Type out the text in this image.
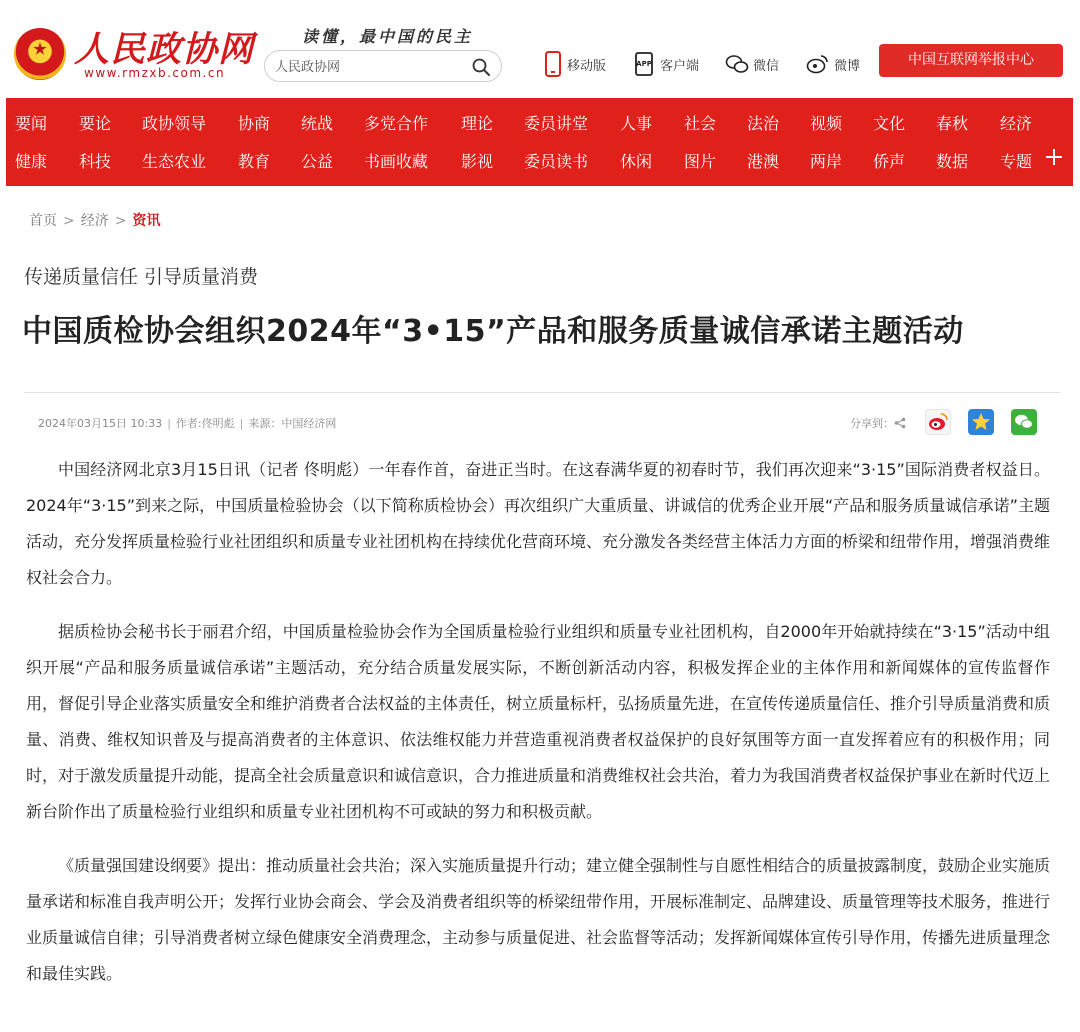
人民政协网
www.rmzxb.com.cn
读懂，最中国的民主
人民政协网
移动版	APP 客户端	微信	微博	中国互联网举报中心
要闻 要论 政协领导 协商 统战 多党合作 理论 委员讲堂 人事 社会 法治 视频 文化 春秋 经济
健康 科技 生态农业 教育 公益 书画收藏 影视 委员读书 休闲 图片 港澳 两岸 侨声 数据 专题
首页 > 经济 > 资讯
传递质量信任 引导质量消费
中国质检协会组织2024年“3•15”产品和服务质量诚信承诺主题活动
2024年03月15日 10:33 | 作者:佟明彪 | 来源：中国经济网	分享到：

中国经济网北京3月15日讯（记者 佟明彪）一年春作首，奋进正当时。在这春满华夏的初春时节，我们再次迎来“3·15”国际消费者权益日。2024年“3·15”到来之际，中国质量检验协会（以下简称质检协会）再次组织广大重质量、讲诚信的优秀企业开展“产品和服务质量诚信承诺”主题活动，充分发挥质量检验行业社团组织和质量专业社团机构在持续优化营商环境、充分激发各类经营主体活力方面的桥梁和纽带作用，增强消费维权社会合力。

据质检协会秘书长于丽君介绍，中国质量检验协会作为全国质量检验行业组织和质量专业社团机构，自2000年开始就持续在“3·15”活动中组织开展“产品和服务质量诚信承诺”主题活动，充分结合质量发展实际，不断创新活动内容，积极发挥企业的主体作用和新闻媒体的宣传监督作用，督促引导企业落实质量安全和维护消费者合法权益的主体责任，树立质量标杆，弘扬质量先进，在宣传传递质量信任、推介引导质量消费和质量、消费、维权知识普及与提高消费者的主体意识、依法维权能力并营造重视消费者权益保护的良好氛围等方面一直发挥着应有的积极作用；同时，对于激发质量提升动能，提高全社会质量意识和诚信意识，合力推进质量和消费维权社会共治，着力为我国消费者权益保护事业在新时代迈上新台阶作出了质量检验行业组织和质量专业社团机构不可或缺的努力和积极贡献。

《质量强国建设纲要》提出：推动质量社会共治；深入实施质量提升行动；建立健全强制性与自愿性相结合的质量披露制度，鼓励企业实施质量承诺和标准自我声明公开；发挥行业协会商会、学会及消费者组织等的桥梁纽带作用，开展标准制定、品牌建设、质量管理等技术服务，推进行业质量诚信自律；引导消费者树立绿色健康安全消费理念，主动参与质量促进、社会监督等活动；发挥新闻媒体宣传引导作用，传播先进质量理念和最佳实践。
